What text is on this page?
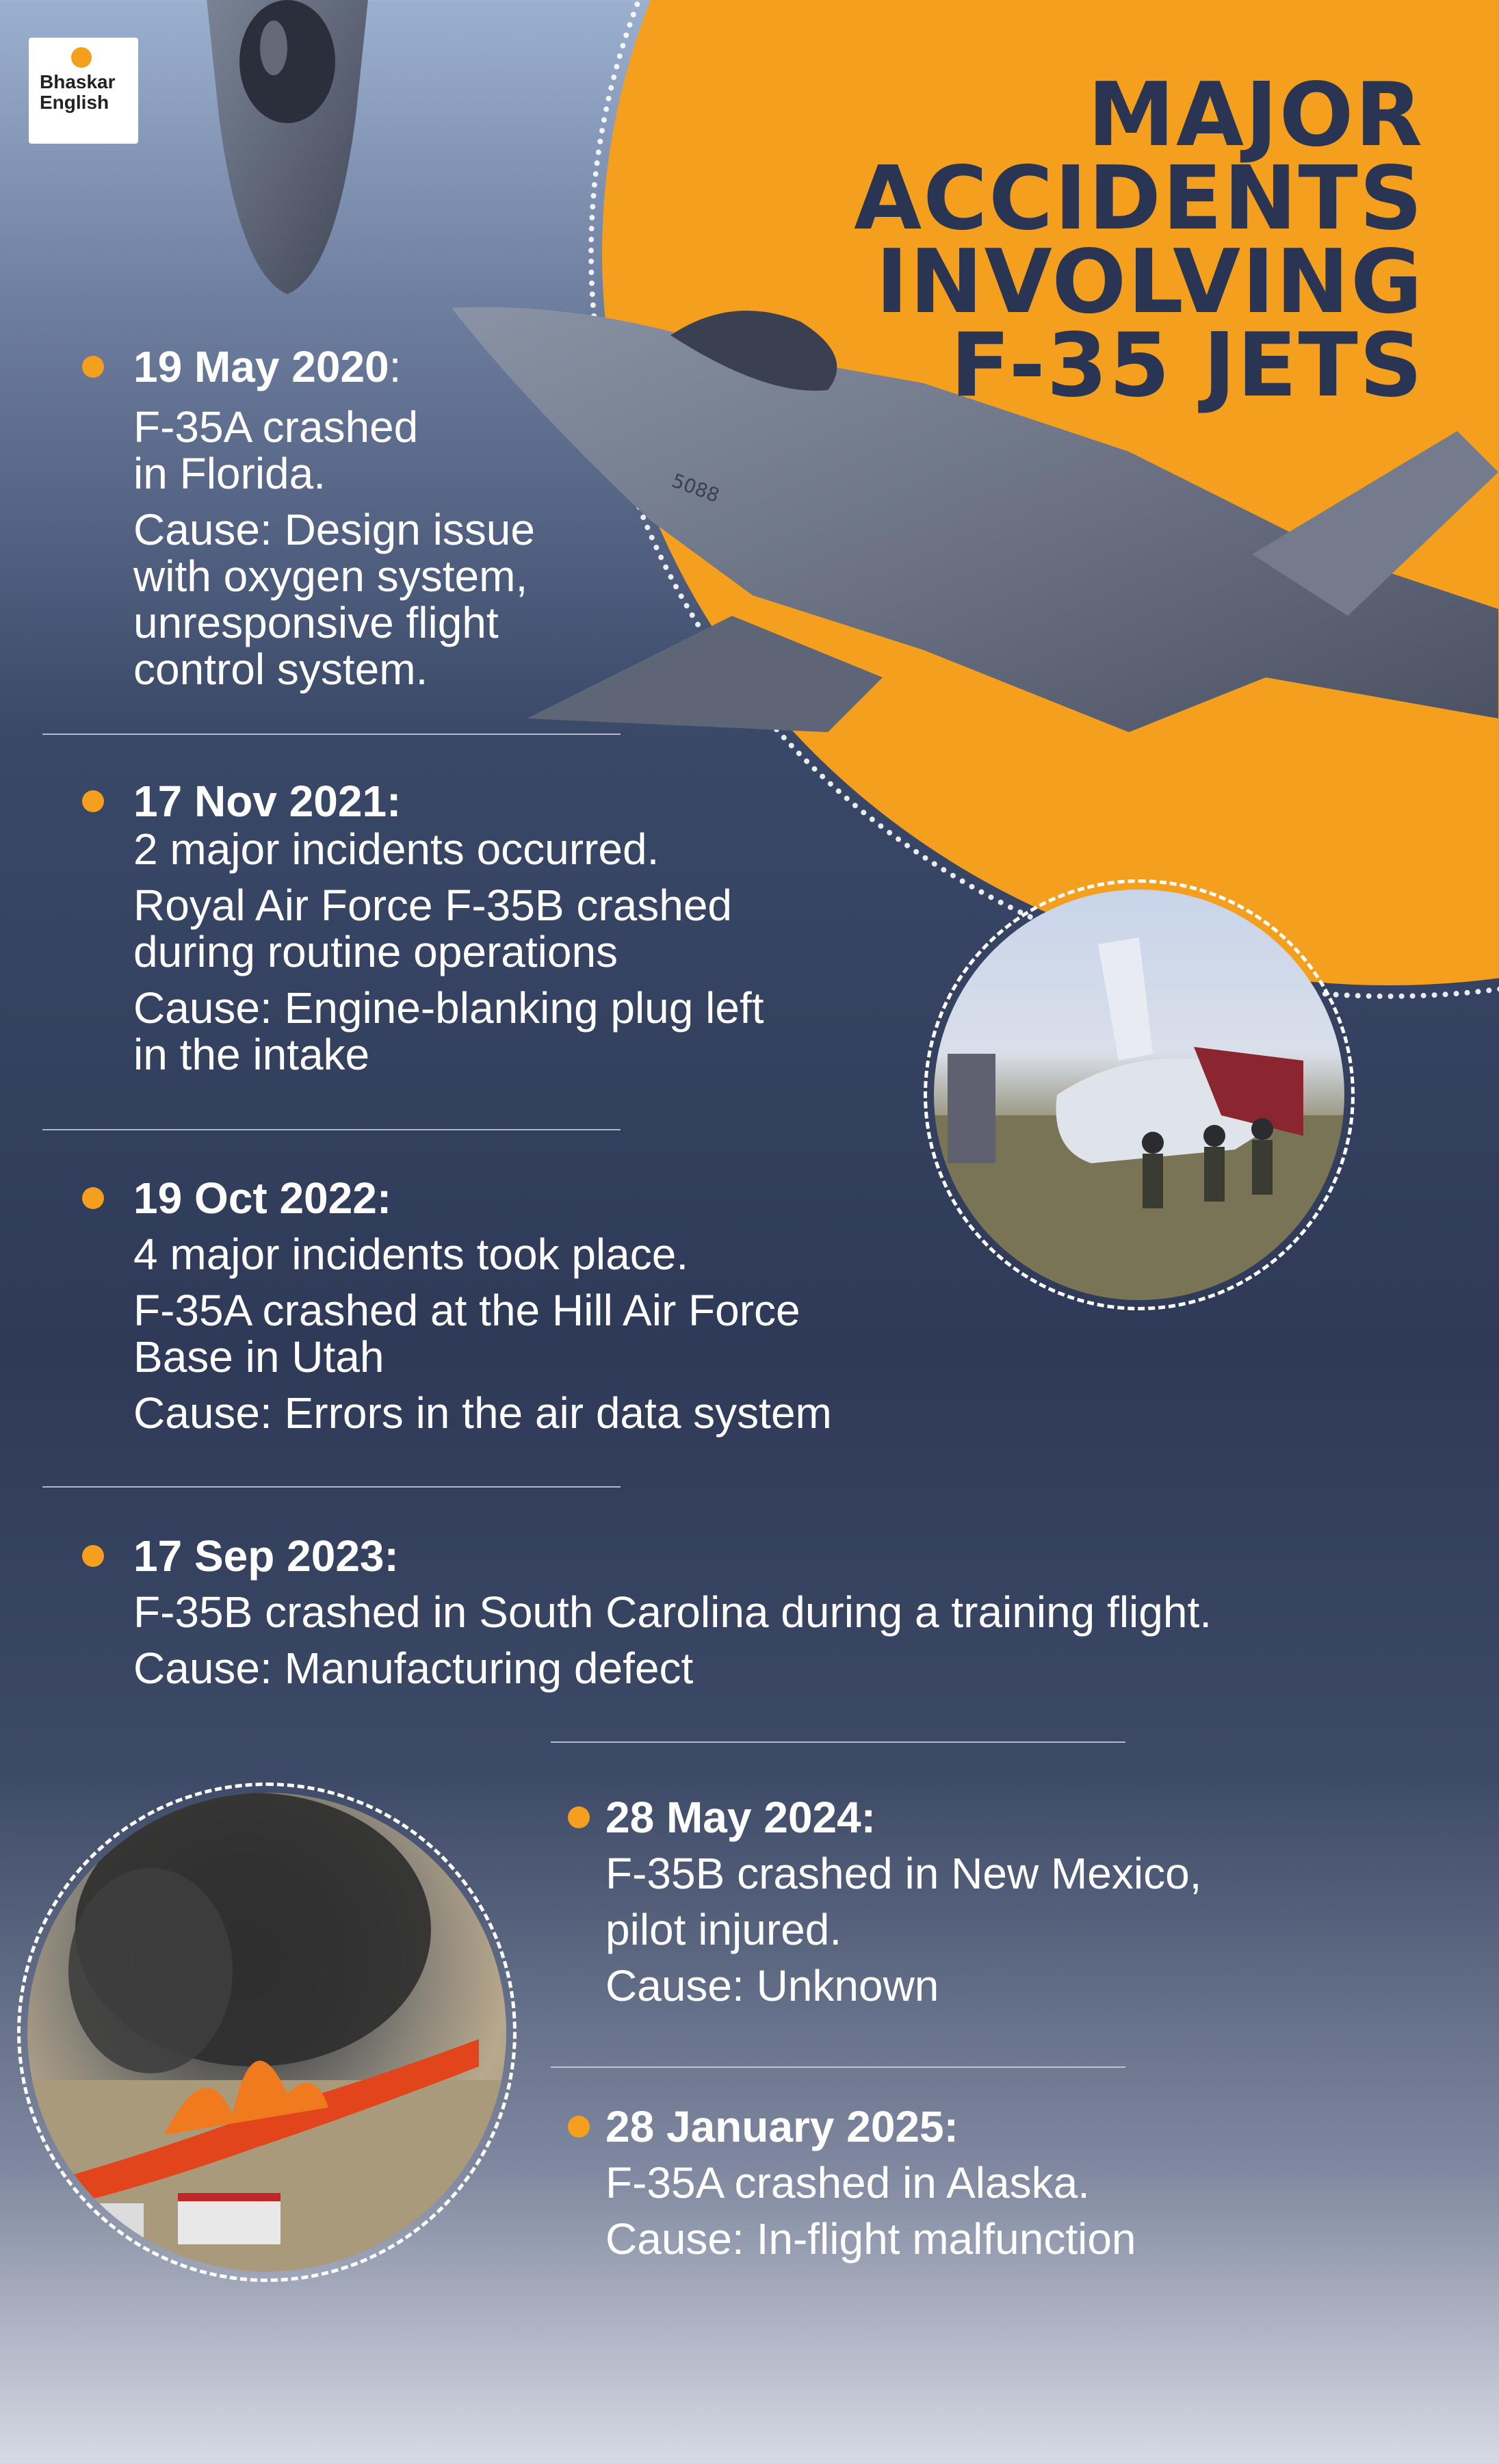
5088
Bhaskar
English	MAJOR
ACCIDENTS
INVOLVING
F-35 JETS

19 May 2020:

F-35A crashed

in Florida.

Cause: Design issue

with oxygen system,

unresponsive flight

control system.

17 Nov 2021:

2 major incidents occurred.

Royal Air Force F-35B crashed

during routine operations

Cause: Engine-blanking plug left

in the intake

19 Oct 2022:

4 major incidents took place.

F-35A crashed at the Hill Air Force

Base in Utah

Cause: Errors in the air data system

17 Sep 2023:

F-35B crashed in South Carolina during a training flight.

Cause: Manufacturing defect

28 May 2024:

F-35B crashed in New Mexico,

pilot injured.

Cause: Unknown

28 January 2025:

F-35A crashed in Alaska.

Cause: In-flight malfunction
